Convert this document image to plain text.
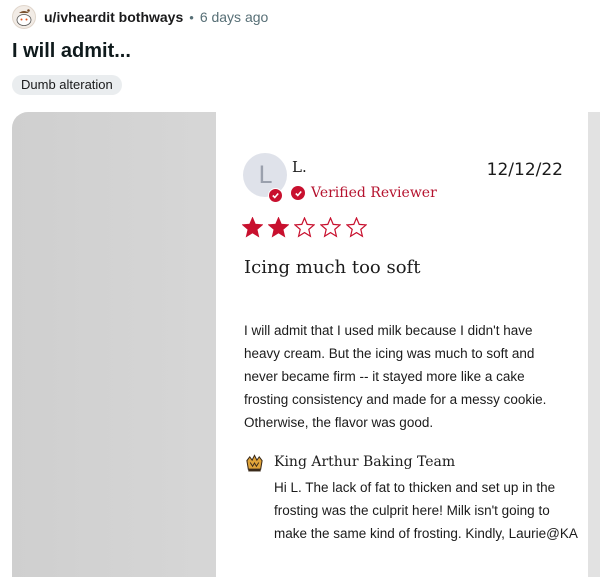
u/ivheardit bothways • 6 days ago
I will admit...
Dumb alteration
L L.
Verified Reviewer
12/12/22
Icing much too soft
I will admit that I used milk because I didn't have heavy cream. But the icing was much to soft and never became firm -- it stayed more like a cake frosting consistency and made for a messy cookie. Otherwise, the flavor was good.
King Arthur Baking Team
Hi L. The lack of fat to thicken and set up in the frosting was the culprit here! Milk isn't going to make the same kind of frosting. Kindly, Laurie@KA
